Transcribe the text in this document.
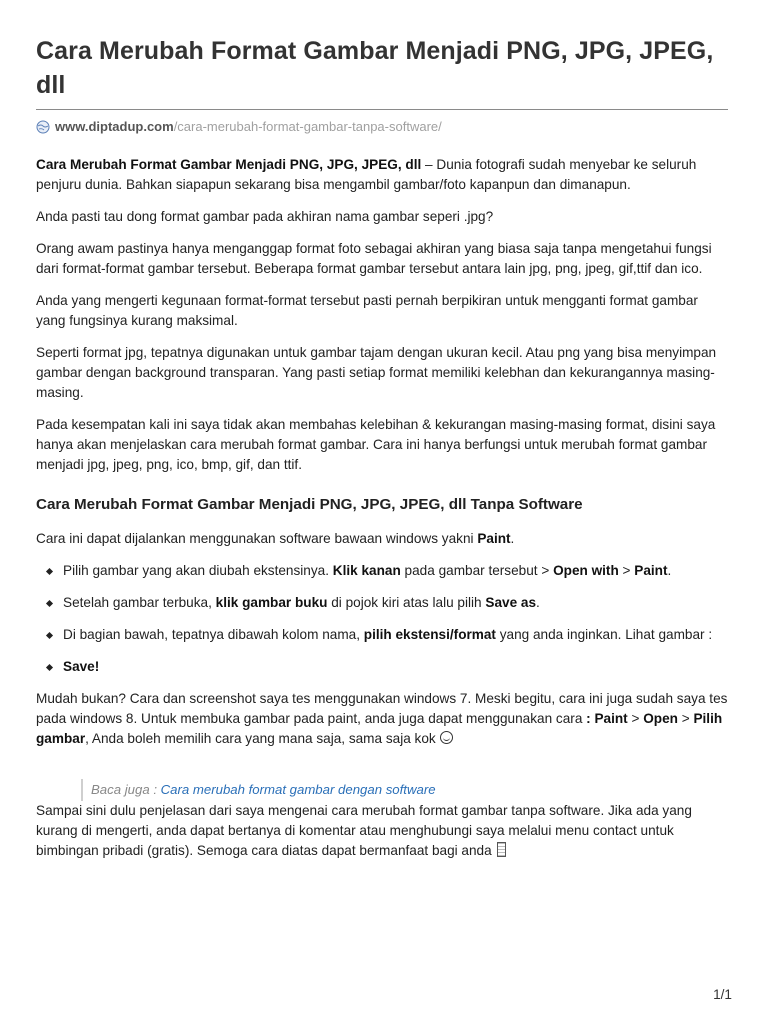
Cara Merubah Format Gambar Menjadi PNG, JPG, JPEG, dll
www.diptadup.com /cara-merubah-format-gambar-tanpa-software/

Cara Merubah Format Gambar Menjadi PNG, JPG, JPEG, dll – Dunia fotografi sudah menyebar ke seluruh penjuru dunia. Bahkan siapapun sekarang bisa mengambil gambar/foto kapanpun dan dimanapun.

Anda pasti tau dong format gambar pada akhiran nama gambar seperi .jpg?

Orang awam pastinya hanya menganggap format foto sebagai akhiran yang biasa saja tanpa mengetahui fungsi dari format-format gambar tersebut. Beberapa format gambar tersebut antara lain jpg, png, jpeg, gif,ttif dan ico.

Anda yang mengerti kegunaan format-format tersebut pasti pernah berpikiran untuk mengganti format gambar yang fungsinya kurang maksimal.

Seperti format jpg, tepatnya digunakan untuk gambar tajam dengan ukuran kecil. Atau png yang bisa menyimpan gambar dengan background transparan. Yang pasti setiap format memiliki kelebhan dan kekurangannya masing-masing.

Pada kesempatan kali ini saya tidak akan membahas kelebihan & kekurangan masing-masing format, disini saya hanya akan menjelaskan cara merubah format gambar. Cara ini hanya berfungsi untuk merubah format gambar menjadi jpg, jpeg, png, ico, bmp, gif, dan ttif.

Cara Merubah Format Gambar Menjadi PNG, JPG, JPEG, dll Tanpa Software

Cara ini dapat dijalankan menggunakan software bawaan windows yakni Paint.

Pilih gambar yang akan diubah ekstensinya. Klik kanan pada gambar tersebut > Open with > Paint.
Setelah gambar terbuka, klik gambar buku di pojok kiri atas lalu pilih Save as.
Di bagian bawah, tepatnya dibawah kolom nama, pilih ekstensi/format yang anda inginkan. Lihat gambar :
Save!

Mudah bukan? Cara dan screenshot saya tes menggunakan windows 7. Meski begitu, cara ini juga sudah saya tes pada windows 8. Untuk membuka gambar pada paint, anda juga dapat menggunakan cara : Paint > Open > Pilih gambar, Anda boleh memilih cara yang mana saja, sama saja kok

Baca juga : Cara merubah format gambar dengan software

Sampai sini dulu penjelasan dari saya mengenai cara merubah format gambar tanpa software. Jika ada yang kurang di mengerti, anda dapat bertanya di komentar atau menghubungi saya melalui menu contact untuk bimbingan pribadi (gratis). Semoga cara diatas dapat bermanfaat bagi anda

1/1
